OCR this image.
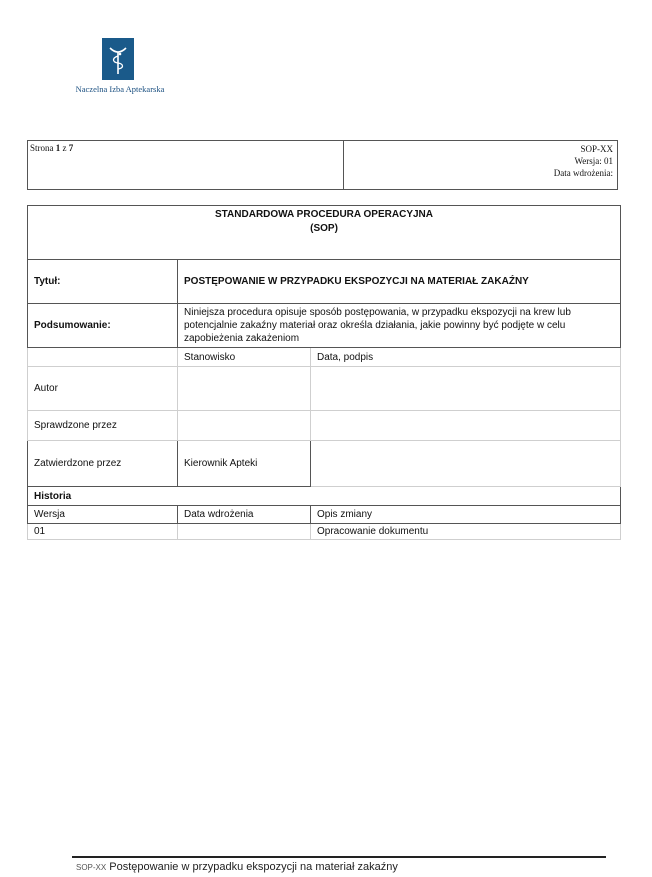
Naczelna Izba Aptekarska
Strona 1 z 7	SOP-XX
Wersja: 01
Data wdrożenia:
STANDARDOWA PROCEDURA OPERACYJNA
(SOP)		

Tytuł:	POSTĘPOWANIE W PRZYPADKU EKSPOZYCJI NA MATERIAŁ ZAKAŹNY	
Podsumowanie:	Niniejsza procedura opisuje sposób postępowania, w przypadku ekspozycji na krew lub potencjalnie zakaźny materiał oraz określa działania, jakie powinny być podjęte w celu zapobieżenia zakażeniom	
	Stanowisko	Data, podpis
Autor		
Sprawdzone przez		
Zatwierdzone przez	Kierownik Apteki	
Historia		
Wersja	Data wdrożenia	Opis zmiany
01		Opracowanie dokumentu
SOP-XX Postępowanie w przypadku ekspozycji na materiał zakaźny
